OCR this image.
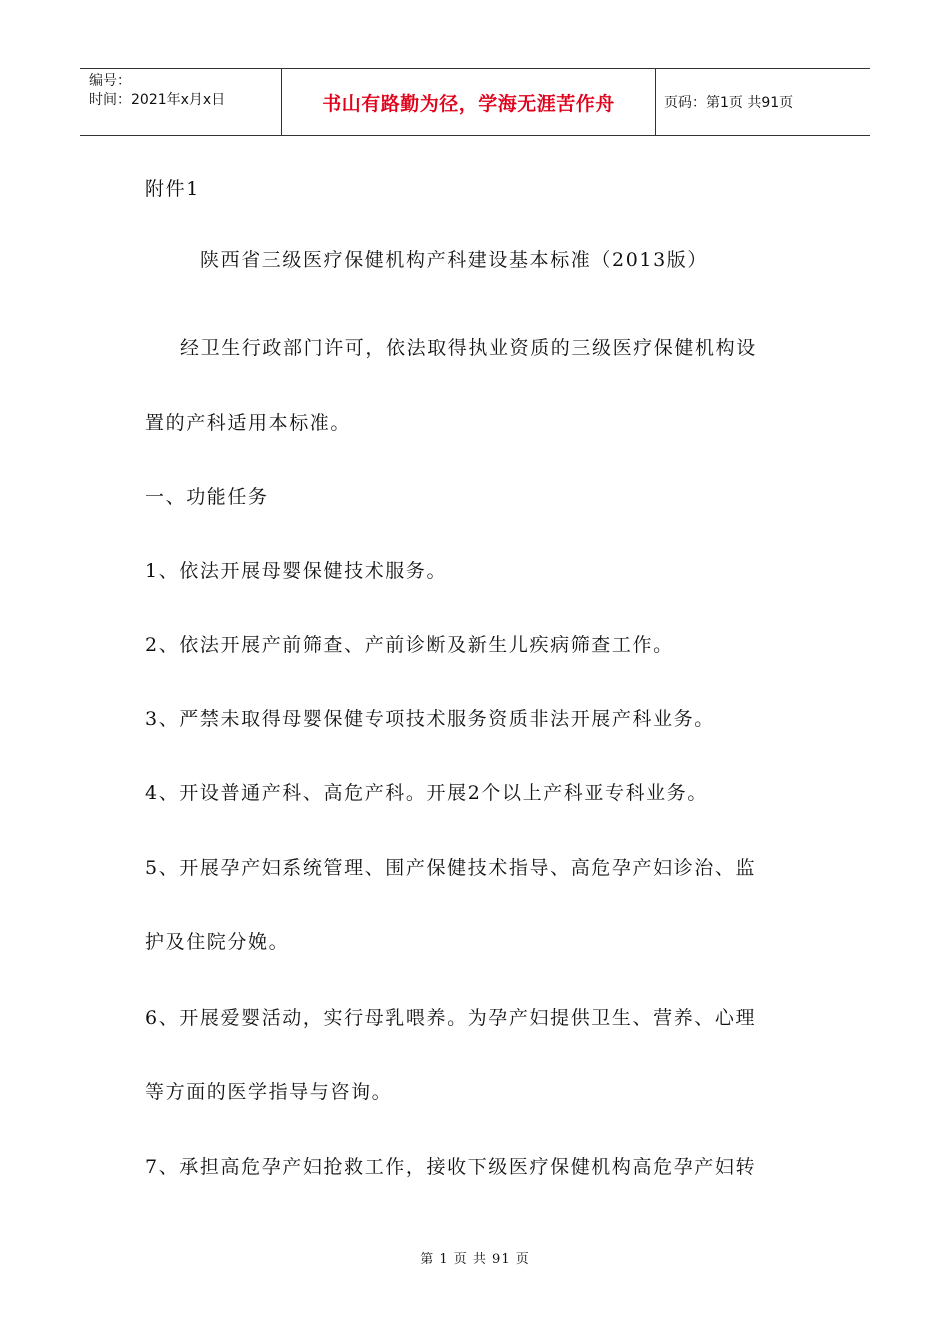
编号：
时间：2021年x月x日	书山有路勤为径，学海无涯苦作舟	页码：第1页 共91页
附件1
陕西省三级医疗保健机构产科建设基本标准（2013版）
经卫生行政部门许可，依法取得执业资质的三级医疗保健机构设
置的产科适用本标准。
一、功能任务
1、依法开展母婴保健技术服务。
2、依法开展产前筛查、产前诊断及新生儿疾病筛查工作。
3、严禁未取得母婴保健专项技术服务资质非法开展产科业务。
4、开设普通产科、高危产科。开展2个以上产科亚专科业务。
5、开展孕产妇系统管理、围产保健技术指导、高危孕产妇诊治、监
护及住院分娩。
6、开展爱婴活动，实行母乳喂养。为孕产妇提供卫生、营养、心理
等方面的医学指导与咨询。
7、承担高危孕产妇抢救工作，接收下级医疗保健机构高危孕产妇转
第 1 页 共 91 页
